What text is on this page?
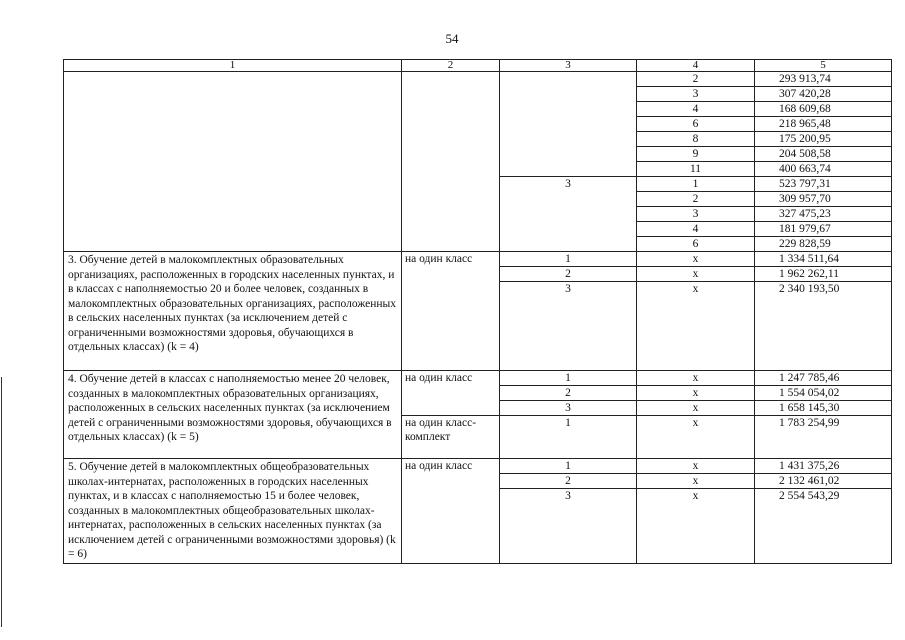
54
1	2	3	4	5
			2	293 913,74
			3	307 420,28
			4	168 609,68
			6	218 965,48
			8	175 200,95
			9	204 508,58
			11	400 663,74
		3	1	523 797,31
			2	309 957,70
			3	327 475,23
			4	181 979,67
			6	229 828,59
3. Обучение детей в малокомплектных образовательных организациях, расположенных в городских населенных пунктах, и в классах с наполняемостью 20 и более человек, созданных в малокомплектных образовательных организациях, расположенных в сельских населенных пунктах (за исключением детей с ограниченными возможностями здоровья, обучающихся в отдельных классах) (k = 4)	на один класс	1	х	1 334 511,64
		2	х	1 962 262,11
		3	х	2 340 193,50
4. Обучение детей в классах с наполняемостью менее 20 человек, созданных в малокомплектных образовательных организациях, расположенных в сельских населенных пунктах (за исключением детей с ограниченными возможностями здоровья, обучающихся в отдельных классах) (k = 5)	на один класс	1	х	1 247 785,46
		2	х	1 554 054,02
		3	х	1 658 145,30
	на один класс-комплект	1	х	1 783 254,99
5. Обучение детей в малокомплектных общеобразовательных школах-интернатах, расположенных в городских населенных пунктах, и в классах с наполняемостью 15 и более человек, созданных в малокомплектных общеобразовательных школах-интернатах, расположенных в сельских населенных пунктах (за исключением детей с ограниченными возможностями здоровья) (k = 6)	на один класс	1	х	1 431 375,26
		2	х	2 132 461,02
		3	х	2 554 543,29
